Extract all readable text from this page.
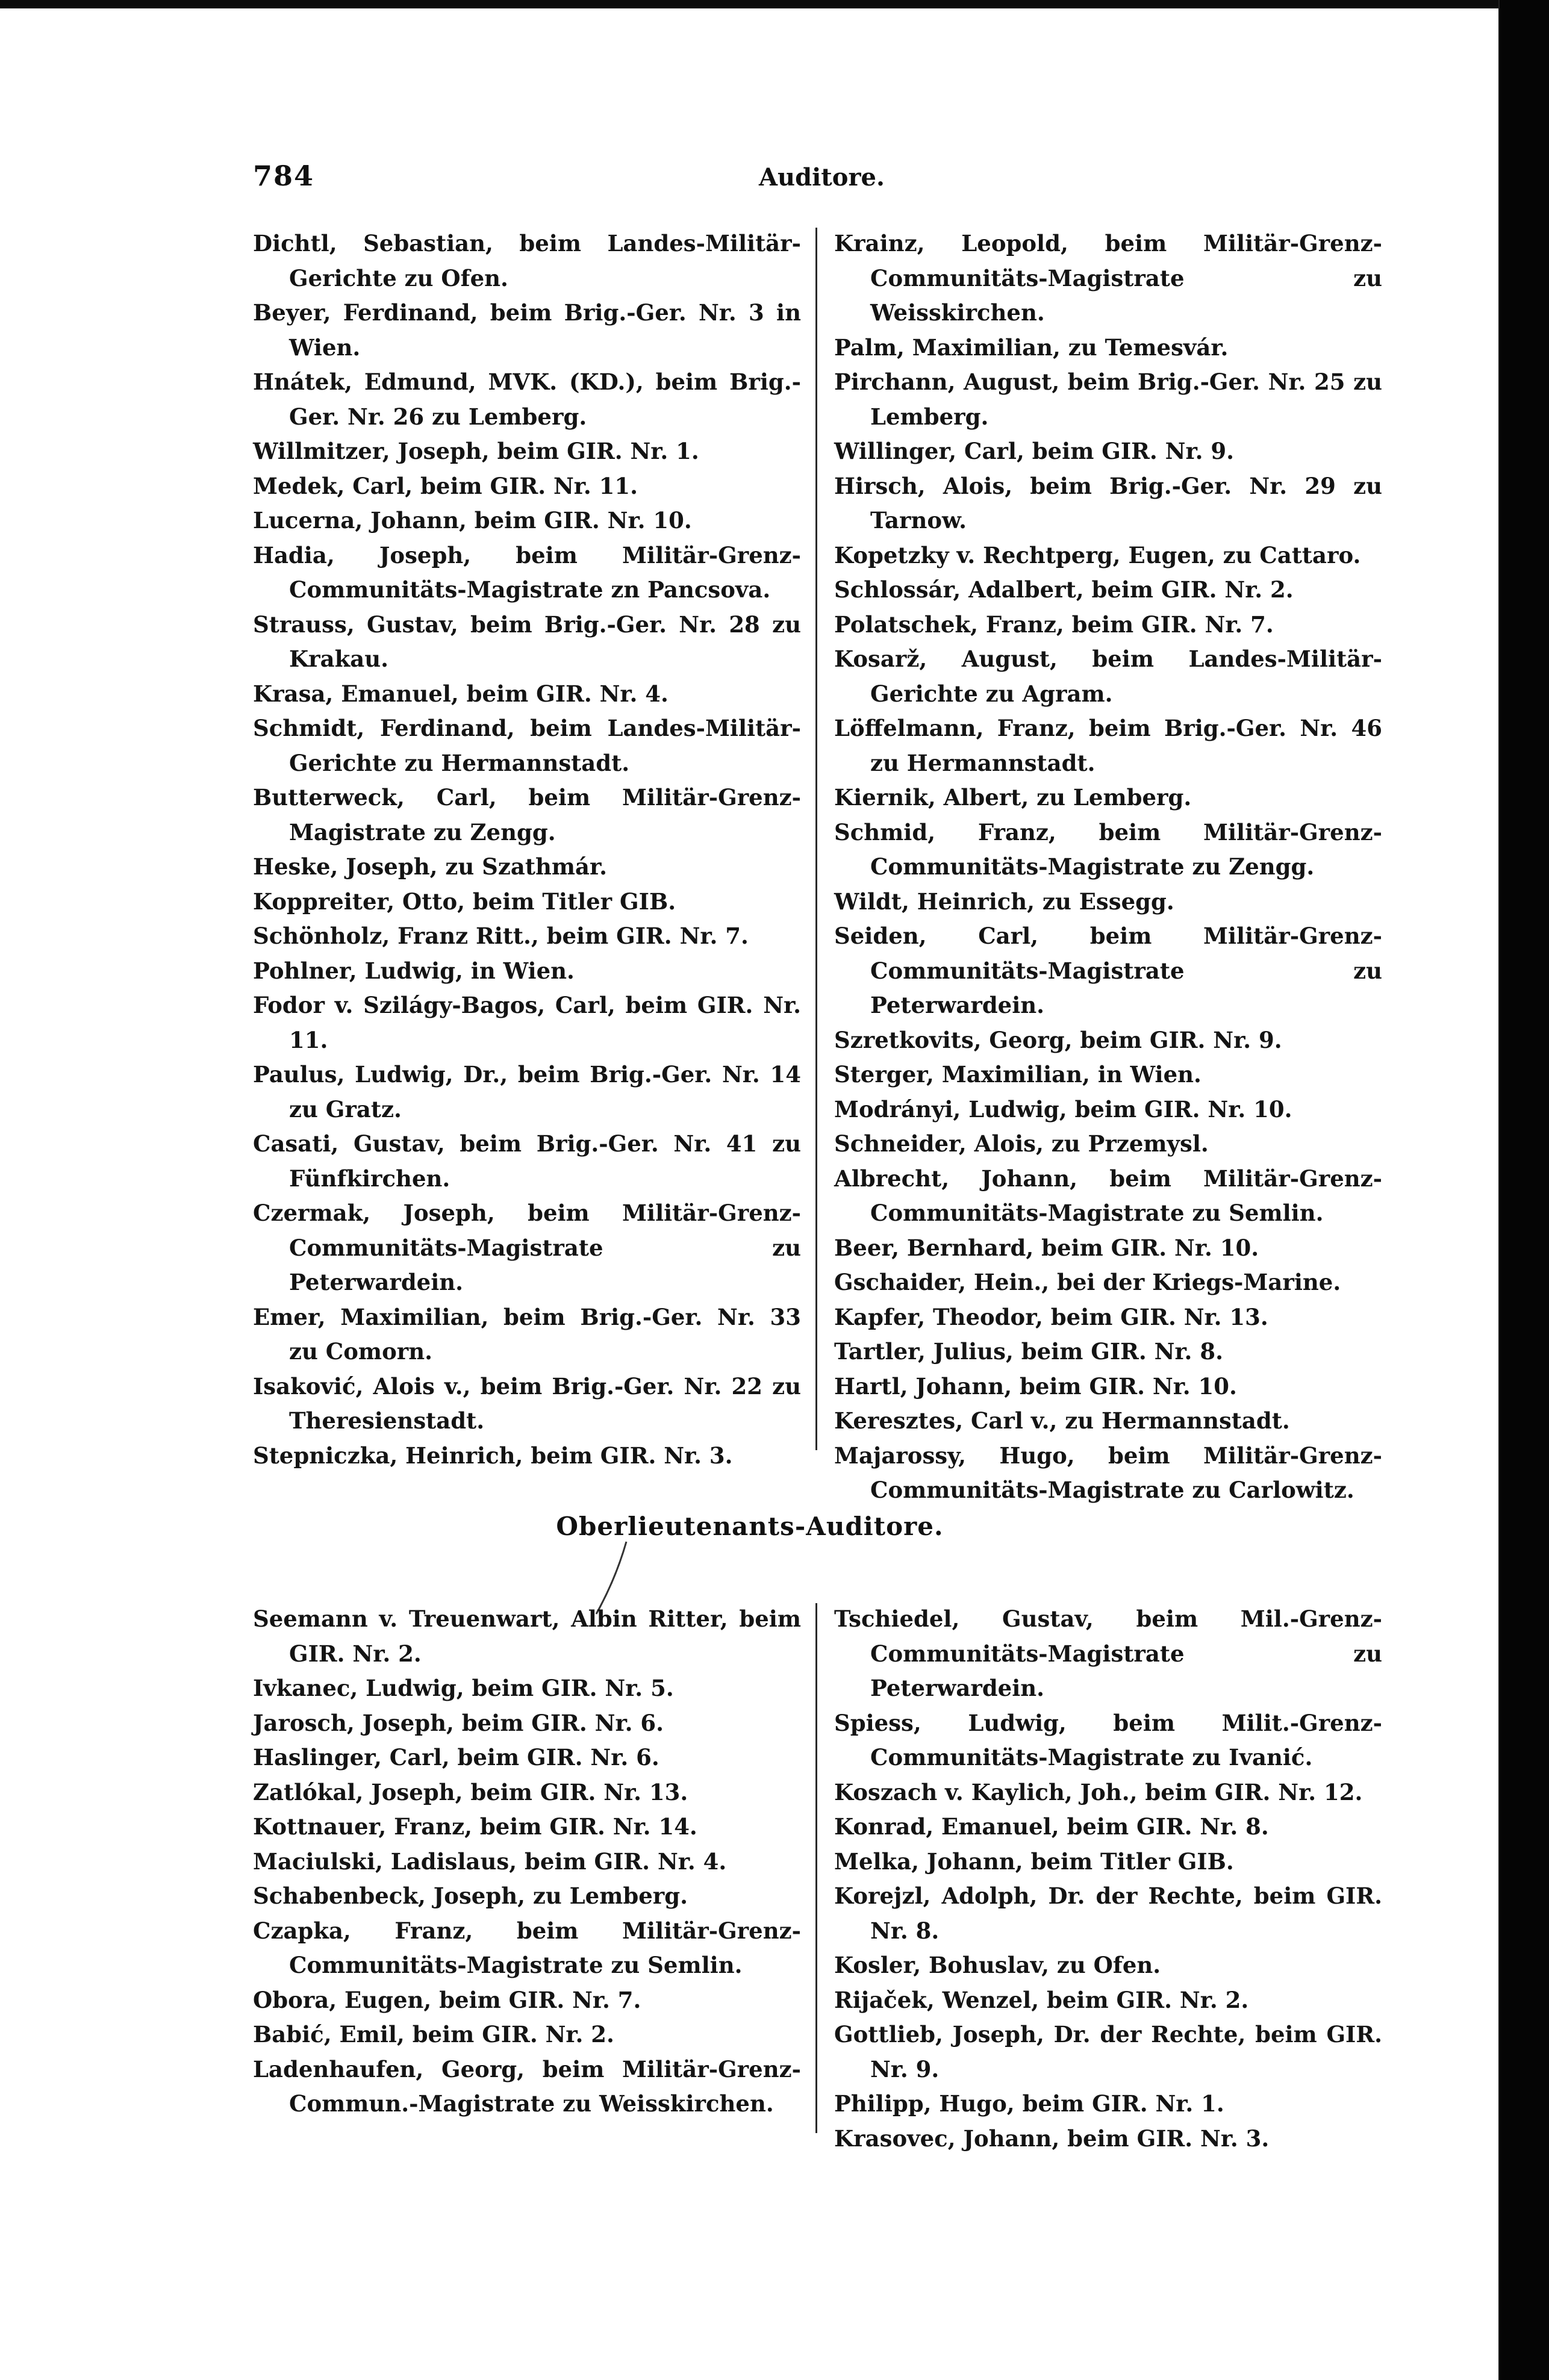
784	Auditore.

Dichtl, Sebastian, beim Landes-Militär-Gerichte zu Ofen.

Beyer, Ferdinand, beim Brig.-Ger. Nr. 3 in Wien.

Hnátek, Edmund, MVK. (KD.), beim Brig.-Ger. Nr. 26 zu Lemberg.

Willmitzer, Joseph, beim GIR. Nr. 1.

Medek, Carl, beim GIR. Nr. 11.

Lucerna, Johann, beim GIR. Nr. 10.

Hadia, Joseph, beim Militär-Grenz-Communitäts-Magistrate zn Pancsova.

Strauss, Gustav, beim Brig.-Ger. Nr. 28 zu Krakau.

Krasa, Emanuel, beim GIR. Nr. 4.

Schmidt, Ferdinand, beim Landes-Militär-Gerichte zu Hermannstadt.

Butterweck, Carl, beim Militär-Grenz-Magistrate zu Zengg.

Heske, Joseph, zu Szathmár.

Koppreiter, Otto, beim Titler GIB.

Schönholz, Franz Ritt., beim GIR. Nr. 7.

Pohlner, Ludwig, in Wien.

Fodor v. Szilágy-Bagos, Carl, beim GIR. Nr. 11.

Paulus, Ludwig, Dr., beim Brig.-Ger. Nr. 14 zu Gratz.

Casati, Gustav, beim Brig.-Ger. Nr. 41 zu Fünfkirchen.

Czermak, Joseph, beim Militär-Grenz-Communitäts-Magistrate zu Peterwardein.

Emer, Maximilian, beim Brig.-Ger. Nr. 33 zu Comorn.

Isaković, Alois v., beim Brig.-Ger. Nr. 22 zu Theresienstadt.

Stepniczka, Heinrich, beim GIR. Nr. 3.

Krainz, Leopold, beim Militär-Grenz-Communitäts-Magistrate zu Weisskirchen.

Palm, Maximilian, zu Temesvár.

Pirchann, August, beim Brig.-Ger. Nr. 25 zu Lemberg.

Willinger, Carl, beim GIR. Nr. 9.

Hirsch, Alois, beim Brig.-Ger. Nr. 29 zu Tarnow.

Kopetzky v. Rechtperg, Eugen, zu Cattaro.

Schlossár, Adalbert, beim GIR. Nr. 2.

Polatschek, Franz, beim GIR. Nr. 7.

Kosarž, August, beim Landes-Militär-Gerichte zu Agram.

Löffelmann, Franz, beim Brig.-Ger. Nr. 46 zu Hermannstadt.

Kiernik, Albert, zu Lemberg.

Schmid, Franz, beim Militär-Grenz-Communitäts-Magistrate zu Zengg.

Wildt, Heinrich, zu Essegg.

Seiden, Carl, beim Militär-Grenz-Communitäts-Magistrate zu Peterwardein.

Szretkovits, Georg, beim GIR. Nr. 9.

Sterger, Maximilian, in Wien.

Modrányi, Ludwig, beim GIR. Nr. 10.

Schneider, Alois, zu Przemysl.

Albrecht, Johann, beim Militär-Grenz-Communitäts-Magistrate zu Semlin.

Beer, Bernhard, beim GIR. Nr. 10.

Gschaider, Hein., bei der Kriegs-Marine.

Kapfer, Theodor, beim GIR. Nr. 13.

Tartler, Julius, beim GIR. Nr. 8.

Hartl, Johann, beim GIR. Nr. 10.

Keresztes, Carl v., zu Hermannstadt.

Majarossy, Hugo, beim Militär-Grenz-Communitäts-Magistrate zu Carlowitz.

Oberlieutenants-Auditore.

Seemann v. Treuenwart, Albin Ritter, beim GIR. Nr. 2.

Ivkanec, Ludwig, beim GIR. Nr. 5.

Jarosch, Joseph, beim GIR. Nr. 6.

Haslinger, Carl, beim GIR. Nr. 6.

Zatlókal, Joseph, beim GIR. Nr. 13.

Kottnauer, Franz, beim GIR. Nr. 14.

Maciulski, Ladislaus, beim GIR. Nr. 4.

Schabenbeck, Joseph, zu Lemberg.

Czapka, Franz, beim Militär-Grenz-Communitäts-Magistrate zu Semlin.

Obora, Eugen, beim GIR. Nr. 7.

Babić, Emil, beim GIR. Nr. 2.

Ladenhaufen, Georg, beim Militär-Grenz-Commun.-Magistrate zu Weisskirchen.

Tschiedel, Gustav, beim Mil.-Grenz-Communitäts-Magistrate zu Peterwardein.

Spiess, Ludwig, beim Milit.-Grenz-Communitäts-Magistrate zu Ivanić.

Koszach v. Kaylich, Joh., beim GIR. Nr. 12.

Konrad, Emanuel, beim GIR. Nr. 8.

Melka, Johann, beim Titler GIB.

Korejzl, Adolph, Dr. der Rechte, beim GIR. Nr. 8.

Kosler, Bohuslav, zu Ofen.

Rijaček, Wenzel, beim GIR. Nr. 2.

Gottlieb, Joseph, Dr. der Rechte, beim GIR. Nr. 9.

Philipp, Hugo, beim GIR. Nr. 1.

Krasovec, Johann, beim GIR. Nr. 3.
